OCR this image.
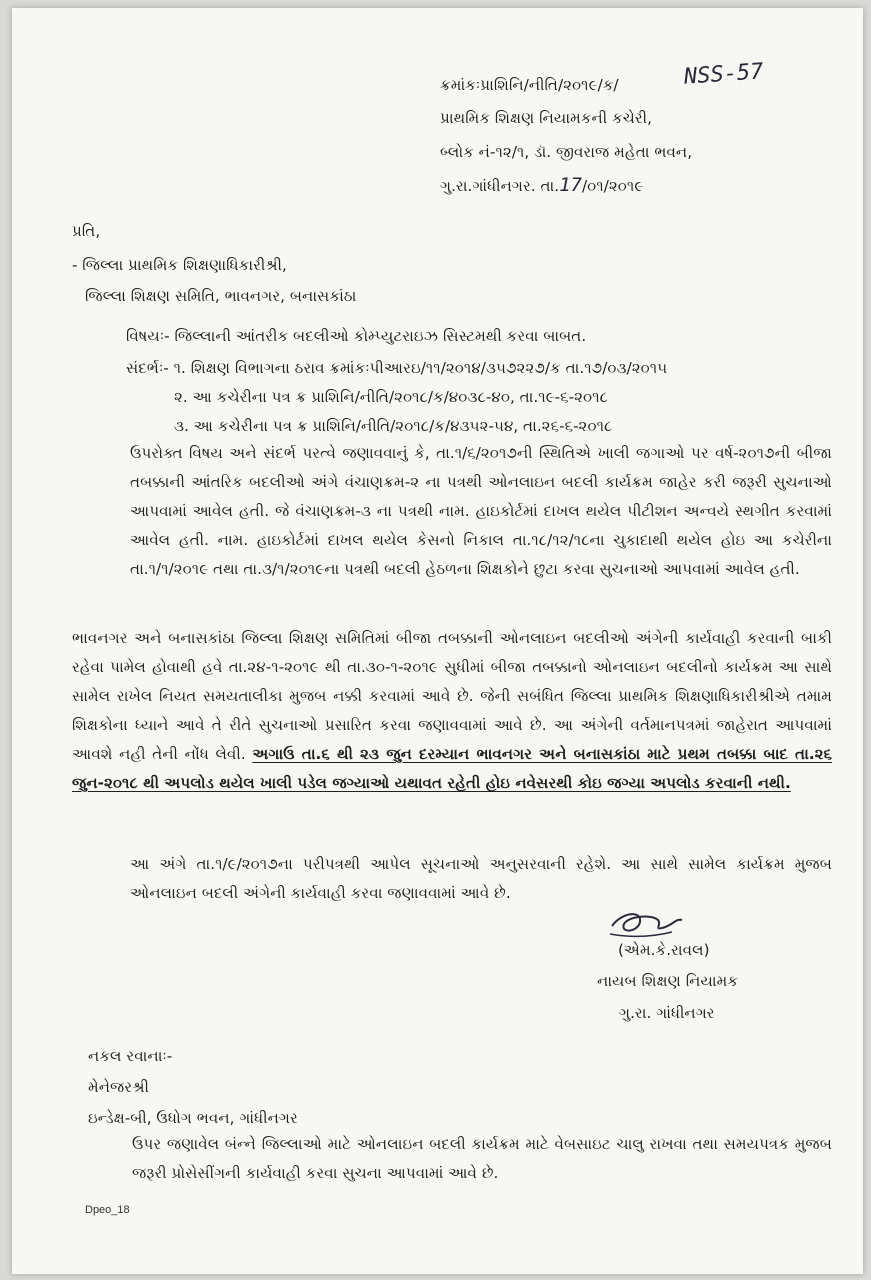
ક્રમાંકઃપ્રાશિનિ/નીતિ/૨૦૧૯/ક/	NSS-57
પ્રાથમિક શિક્ષણ નિયામકની કચેરી,
બ્લોક નં-૧૨/૧, ડૉ. જીવરાજ મહેતા ભવન,
ગુ.રા.ગાંધીનગર. તા.17/૦૧/૨૦૧૯
પ્રતિ,
- જિલ્લા પ્રાથમિક શિક્ષણાધિકારીશ્રી,
જિલ્લા શિક્ષણ સમિતિ, ભાવનગર, બનાસકાંઠા
વિષયઃ- જિલ્લાની આંતરીક બદલીઓ કોમ્પ્યુટરાઇઝ સિસ્ટમથી કરવા બાબત.
સંદર્ભઃ- ૧. શિક્ષણ વિભાગના ઠરાવ ક્રમાંકઃપીઆરઇ/૧૧/૨૦૧૪/૩૫૭૨૨૭/ક તા.૧૭/૦૩/૨૦૧૫
૨. આ કચેરીના પત્ર ક્ર પ્રાશિનિ/નીતિ/૨૦૧૮/ક/૪૦૩૮-૪૦, તા.૧૯-૬-૨૦૧૮
૩. આ કચેરીના પત્ર ક્ર પ્રાશિનિ/નીતિ/૨૦૧૮/ક/૪૩૫૨-૫૪, તા.૨૬-૬-૨૦૧૮
ઉપરોક્ત વિષય અને સંદર્ભ પરત્વે જણાવવાનું કે, તા.૧/૬/૨૦૧૭ની સ્થિતિએ ખાલી જગાઓ પર વર્ષ-૨૦૧૭ની બીજા તબક્કાની આંતરિક બદલીઓ અંગે વંચાણક્રમ-૨ ના પત્રથી ઓનલાઇન બદલી કાર્યક્રમ જાહેર કરી જરૂરી સુચનાઓ આપવામાં આવેલ હતી. જે વંચાણક્રમ-૩ ના પત્રથી નામ. હાઇકોર્ટમાં દાખલ થયેલ પીટીશન અન્વયે સ્થગીત કરવામાં આવેલ હતી. નામ. હાઇકોર્ટમાં દાખલ થયેલ કેસનો નિકાલ તા.૧૮/૧૨/૧૮ના ચુકાદાથી થયેલ હોઇ આ કચેરીના તા.૧/૧/૨૦૧૯ તથા તા.૩/૧/૨૦૧૯ના પત્રથી બદલી હેઠળના શિક્ષકોને છુટા કરવા સુચનાઓ આપવામાં આવેલ હતી.
ભાવનગર અને બનાસકાંઠા જિલ્લા શિક્ષણ સમિતિમાં બીજા તબક્કાની ઓનલાઇન બદલીઓ અંગેની કાર્યવાહી કરવાની બાકી રહેવા પામેલ હોવાથી હવે તા.૨૪-૧-૨૦૧૯ થી તા.૩૦-૧-૨૦૧૯ સુધીમાં બીજા તબક્કાનો ઓનલાઇન બદલીનો કાર્યક્રમ આ સાથે સામેલ રાખેલ નિયત સમયતાલીકા મુજબ નક્કી કરવામાં આવે છે. જેની સબંધિત જિલ્લા પ્રાથમિક શિક્ષણાધિકારીશ્રીએ તમામ શિક્ષકોના ધ્યાને આવે તે રીતે સુચનાઓ પ્રસારિત કરવા જણાવવામાં આવે છે. આ અંગેની વર્તમાનપત્રમાં જાહેરાત આપવામાં આવશે નહી તેની નોંધ લેવી. અગાઉ તા.૬ થી ૨૩ જુન દરમ્યાન ભાવનગર અને બનાસકાંઠા માટે પ્રથમ તબક્કા બાદ તા.૨૬ જુન-૨૦૧૮ થી અપલોડ થયેલ ખાલી પડેલ જગ્યાઓ યથાવત રહેતી હોઇ નવેસરથી કોઇ જગ્યા અપલોડ કરવાની નથી.
આ અંગે તા.૧/૯/૨૦૧૭ના પરીપત્રથી આપેલ સૂચનાઓ અનુસરવાની રહેશે. આ સાથે સામેલ કાર્યક્રમ મુજબ ઓનલાઇન બદલી અંગેની કાર્યવાહી કરવા જણાવવામાં આવે છે.
(એમ.કે.રાવલ)
નાયબ શિક્ષણ નિયામક
ગુ.રા. ગાંધીનગર
નકલ રવાનાઃ-
મેનેજરશ્રી
ઇન્ડેક્ષ-બી, ઉધોગ ભવન, ગાંધીનગર
ઉપર જણાવેલ બંન્ને જિલ્લાઓ માટે ઓનલાઇન બદલી કાર્યક્રમ માટે વેબસાઇટ ચાલુ રાખવા તથા સમયપત્રક મુજબ જરૂરી પ્રોસેસીંગની કાર્યવાહી કરવા સુચના આપવામાં આવે છે.
Dpeo_18
